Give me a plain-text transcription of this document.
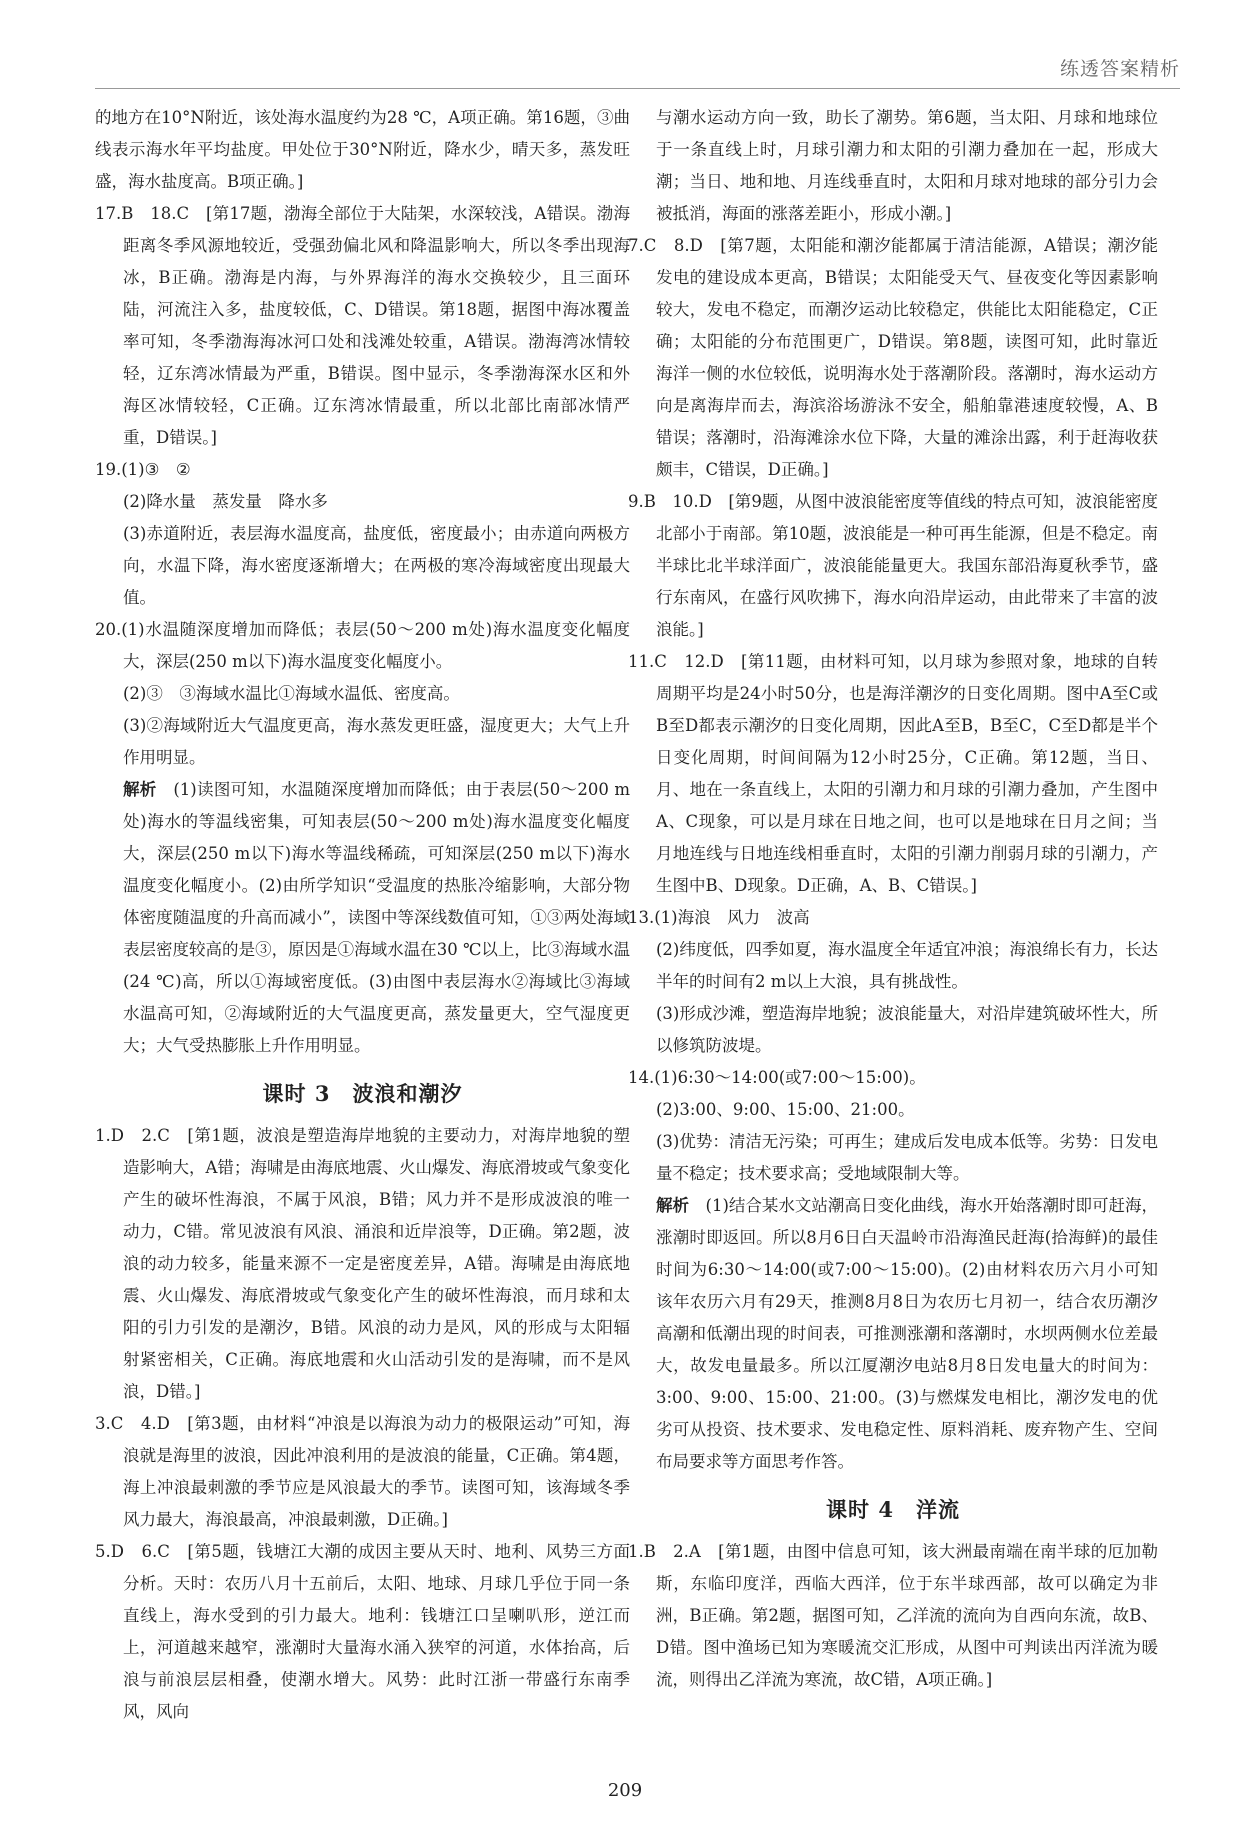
练透答案精析

的地方在10°N附近，该处海水温度约为28 ℃，A项正确。第16题，③曲线表示海水年平均盐度。甲处位于30°N附近，降水少，晴天多，蒸发旺盛，海水盐度高。B项正确。]

17.B　18.C　[第17题，渤海全部位于大陆架，水深较浅，A错误。渤海距离冬季风源地较近，受强劲偏北风和降温影响大，所以冬季出现海冰，B正确。渤海是内海，与外界海洋的海水交换较少，且三面环陆，河流注入多，盐度较低，C、D错误。第18题，据图中海冰覆盖率可知，冬季渤海海冰河口处和浅滩处较重，A错误。渤海湾冰情较轻，辽东湾冰情最为严重，B错误。图中显示，冬季渤海深水区和外海区冰情较轻，C正确。辽东湾冰情最重，所以北部比南部冰情严重，D错误。]

19.(1)③　②

(2)降水量　蒸发量　降水多

(3)赤道附近，表层海水温度高，盐度低，密度最小；由赤道向两极方向，水温下降，海水密度逐渐增大；在两极的寒冷海域密度出现最大值。

20.(1)水温随深度增加而降低；表层(50～200 m处)海水温度变化幅度大，深层(250 m以下)海水温度变化幅度小。

(2)③　③海域水温比①海域水温低、密度高。

(3)②海域附近大气温度更高，海水蒸发更旺盛，湿度更大；大气上升作用明显。

解析　 (1)读图可知，水温随深度增加而降低；由于表层(50～200 m处)海水的等温线密集，可知表层(50～200 m处)海水温度变化幅度大，深层(250 m以下)海水等温线稀疏，可知深层(250 m以下)海水温度变化幅度小。(2)由所学知识“受温度的热胀冷缩影响，大部分物体密度随温度的升高而减小”，读图中等深线数值可知，①③两处海域表层密度较高的是③，原因是①海域水温在30 ℃以上，比③海域水温(24 ℃)高，所以①海域密度低。(3)由图中表层海水②海域比③海域水温高可知，②海域附近的大气温度更高，蒸发量更大，空气湿度更大；大气受热膨胀上升作用明显。

课时 3　 波浪和潮汐

1.D　2.C　[第1题，波浪是塑造海岸地貌的主要动力，对海岸地貌的塑造影响大，A错；海啸是由海底地震、火山爆发、海底滑坡或气象变化产生的破坏性海浪，不属于风浪，B错；风力并不是形成波浪的唯一动力，C错。常见波浪有风浪、涌浪和近岸浪等，D正确。第2题，波浪的动力较多，能量来源不一定是密度差异，A错。海啸是由海底地震、火山爆发、海底滑坡或气象变化产生的破坏性海浪，而月球和太阳的引力引发的是潮汐，B错。风浪的动力是风，风的形成与太阳辐射紧密相关，C正确。海底地震和火山活动引发的是海啸，而不是风浪，D错。]

3.C　4.D　[第3题，由材料“冲浪是以海浪为动力的极限运动”可知，海浪就是海里的波浪，因此冲浪利用的是波浪的能量，C正确。第4题，海上冲浪最刺激的季节应是风浪最大的季节。读图可知，该海域冬季风力最大，海浪最高，冲浪最刺激，D正确。]

5.D　6.C　[第5题，钱塘江大潮的成因主要从天时、地利、风势三方面分析。天时：农历八月十五前后，太阳、地球、月球几乎位于同一条直线上，海水受到的引力最大。地利：钱塘江口呈喇叭形，逆江而上，河道越来越窄，涨潮时大量海水涌入狭窄的河道，水体抬高，后浪与前浪层层相叠，使潮水增大。风势：此时江浙一带盛行东南季风，风向

与潮水运动方向一致，助长了潮势。第6题，当太阳、月球和地球位于一条直线上时，月球引潮力和太阳的引潮力叠加在一起，形成大潮；当日、地和地、月连线垂直时，太阳和月球对地球的部分引力会被抵消，海面的涨落差距小，形成小潮。]

7.C　8.D　[第7题，太阳能和潮汐能都属于清洁能源，A错误；潮汐能发电的建设成本更高，B错误；太阳能受天气、昼夜变化等因素影响较大，发电不稳定，而潮汐运动比较稳定，供能比太阳能稳定，C正确；太阳能的分布范围更广，D错误。第8题，读图可知，此时靠近海洋一侧的水位较低，说明海水处于落潮阶段。落潮时，海水运动方向是离海岸而去，海滨浴场游泳不安全，船舶靠港速度较慢，A、B错误；落潮时，沿海滩涂水位下降，大量的滩涂出露，利于赶海收获颇丰，C错误，D正确。]

9.B　10.D　[第9题，从图中波浪能密度等值线的特点可知，波浪能密度北部小于南部。第10题，波浪能是一种可再生能源，但是不稳定。南半球比北半球洋面广，波浪能能量更大。我国东部沿海夏秋季节，盛行东南风，在盛行风吹拂下，海水向沿岸运动，由此带来了丰富的波浪能。]

11.C　12.D　[第11题，由材料可知，以月球为参照对象，地球的自转周期平均是24小时50分，也是海洋潮汐的日变化周期。图中A至C或B至D都表示潮汐的日变化周期，因此A至B，B至C，C至D都是半个日变化周期，时间间隔为12小时25分，C正确。第12题，当日、月、地在一条直线上，太阳的引潮力和月球的引潮力叠加，产生图中A、C现象，可以是月球在日地之间，也可以是地球在日月之间；当月地连线与日地连线相垂直时，太阳的引潮力削弱月球的引潮力，产生图中B、D现象。D正确，A、B、C错误。]

13.(1)海浪　风力　波高

(2)纬度低，四季如夏，海水温度全年适宜冲浪；海浪绵长有力，长达半年的时间有2 m以上大浪，具有挑战性。

(3)形成沙滩，塑造海岸地貌；波浪能量大，对沿岸建筑破坏性大，所以修筑防波堤。

14.(1)6:30～14:00(或7:00～15:00)。

(2)3:00、9:00、15:00、21:00。

(3)优势：清洁无污染；可再生；建成后发电成本低等。劣势：日发电量不稳定；技术要求高；受地域限制大等。

解析　 (1)结合某水文站潮高日变化曲线，海水开始落潮时即可赶海，涨潮时即返回。所以8月6日白天温岭市沿海渔民赶海(拾海鲜)的最佳时间为6:30～14:00(或7:00～15:00)。(2)由材料农历六月小可知该年农历六月有29天，推测8月8日为农历七月初一，结合农历潮汐高潮和低潮出现的时间表，可推测涨潮和落潮时，水坝两侧水位差最大，故发电量最多。所以江厦潮汐电站8月8日发电量大的时间为：3:00、9:00、15:00、21:00。(3)与燃煤发电相比，潮汐发电的优劣可从投资、技术要求、发电稳定性、原料消耗、废弃物产生、空间布局要求等方面思考作答。

课时 4　 洋流

1.B　2.A　[第1题，由图中信息可知，该大洲最南端在南半球的厄加勒斯，东临印度洋，西临大西洋，位于东半球西部，故可以确定为非洲，B正确。第2题，据图可知，乙洋流的流向为自西向东流，故B、D错。图中渔场已知为寒暖流交汇形成，从图中可判读出丙洋流为暖流，则得出乙洋流为寒流，故C错，A项正确。]

209
